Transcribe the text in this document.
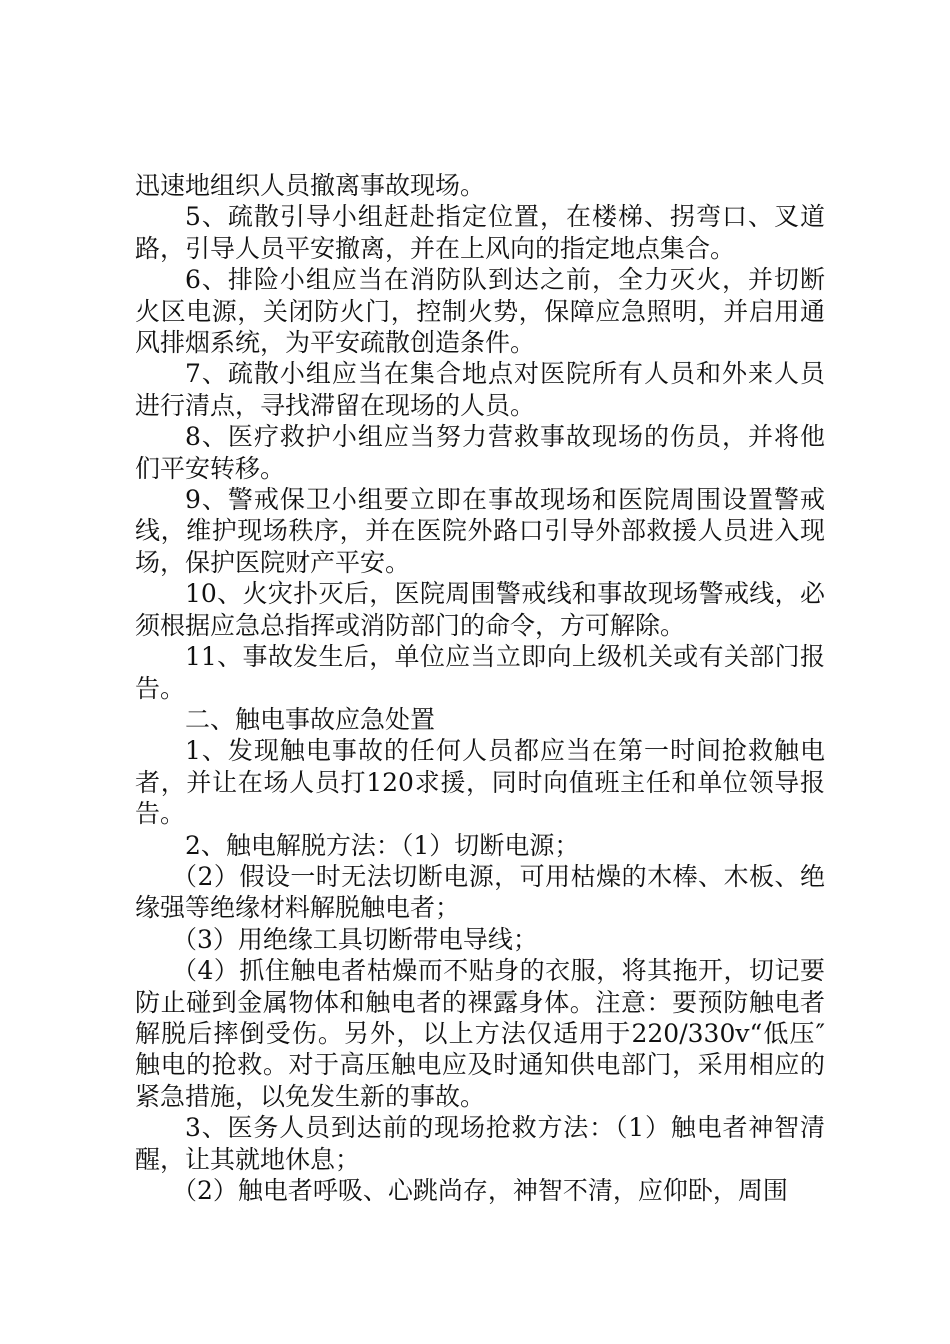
迅速地组织人员撤离事故现场。

5、疏散引导小组赶赴指定位置，在楼梯、拐弯口、叉道路，引导人员平安撤离，并在上风向的指定地点集合。

6、排险小组应当在消防队到达之前，全力灭火，并切断火区电源，关闭防火门，控制火势，保障应急照明，并启用通风排烟系统，为平安疏散创造条件。

7、疏散小组应当在集合地点对医院所有人员和外来人员进行清点，寻找滞留在现场的人员。

8、医疗救护小组应当努力营救事故现场的伤员，并将他们平安转移。

9、警戒保卫小组要立即在事故现场和医院周围设置警戒线，维护现场秩序，并在医院外路口引导外部救援人员进入现场，保护医院财产平安。

10、火灾扑灭后，医院周围警戒线和事故现场警戒线，必须根据应急总指挥或消防部门的命令，方可解除。

11、事故发生后，单位应当立即向上级机关或有关部门报告。

二、触电事故应急处置

1、发现触电事故的任何人员都应当在第一时间抢救触电者，并让在场人员打120求援，同时向值班主任和单位领导报告。

2、触电解脱方法：（1）切断电源；

（2）假设一时无法切断电源，可用枯燥的木棒、木板、绝缘强等绝缘材料解脱触电者；

（3）用绝缘工具切断带电导线；

（4）抓住触电者枯燥而不贴身的衣服，将其拖开，切记要防止碰到金属物体和触电者的裸露身体。注意：要预防触电者解脱后摔倒受伤。另外，以上方法仅适用于220/330v“低压″触电的抢救。对于高压触电应及时通知供电部门，采用相应的紧急措施，以免发生新的事故。

3、医务人员到达前的现场抢救方法：（1）触电者神智清醒，让其就地休息；

（2）触电者呼吸、心跳尚存，神智不清，应仰卧，周围
